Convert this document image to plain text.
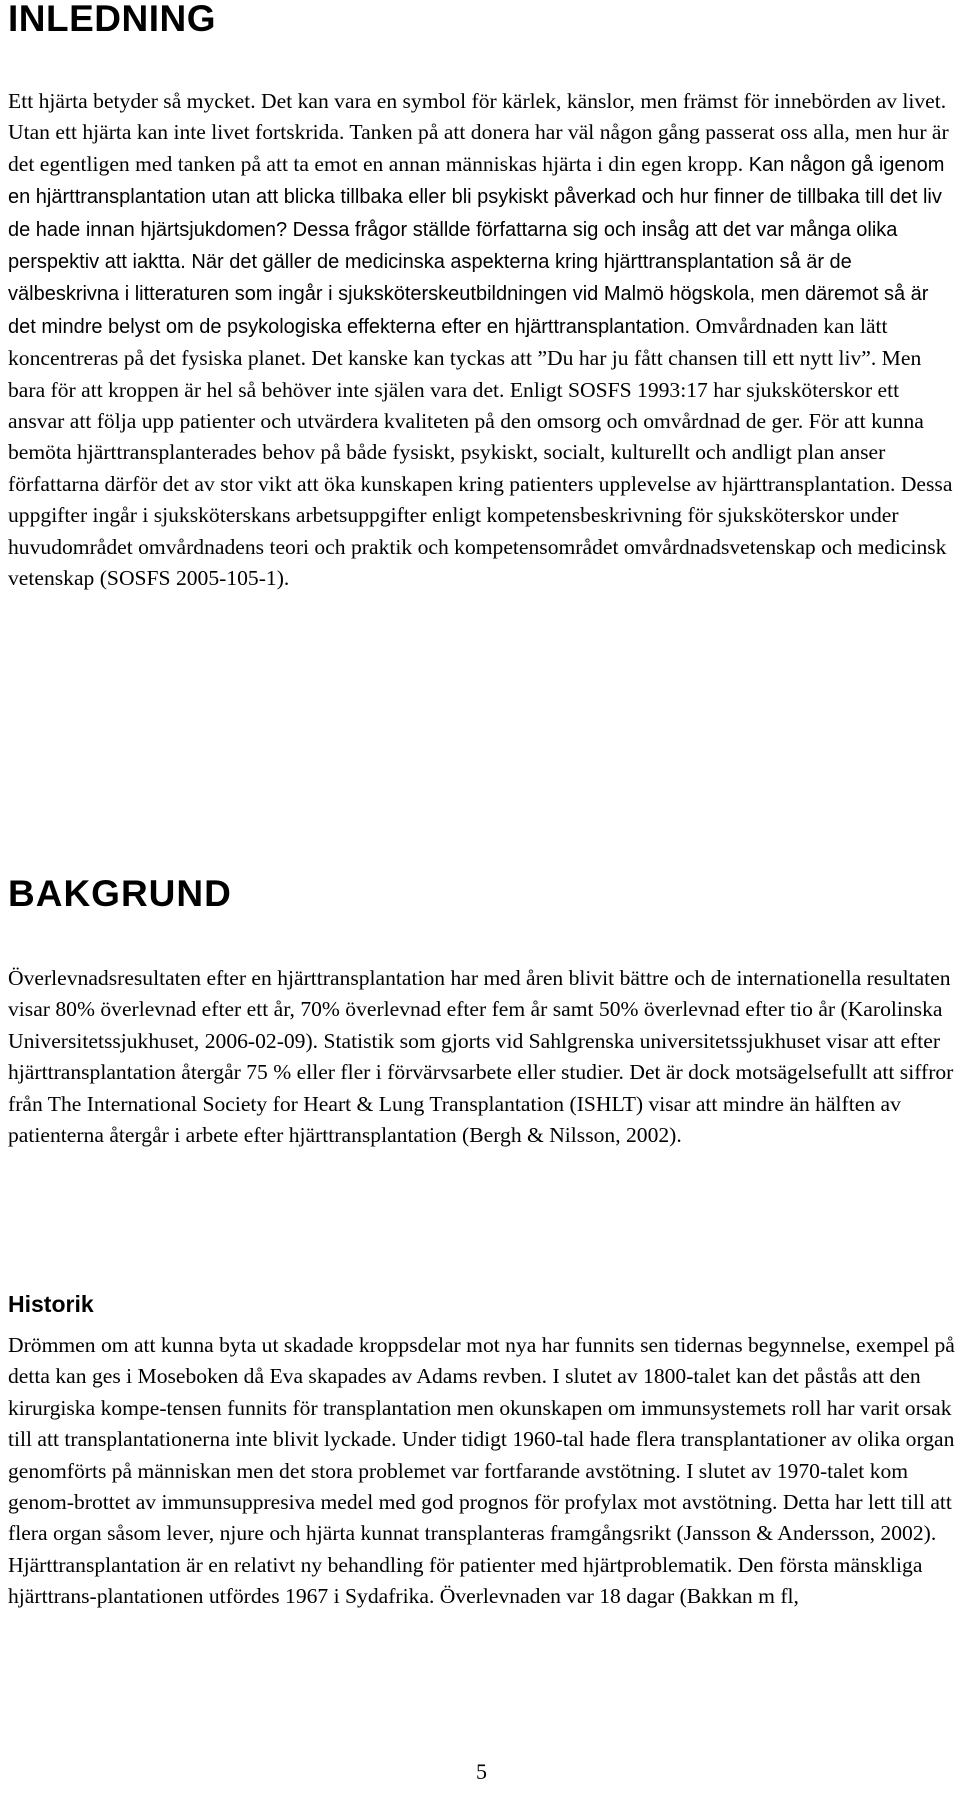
INLEDNING

Ett hjärta betyder så mycket. Det kan vara en symbol för kärlek, känslor, men främst för innebörden av livet. Utan ett hjärta kan inte livet fortskrida. Tanken på att donera har väl någon gång passerat oss alla, men hur är det egentligen med tanken på att ta emot en annan människas hjärta i din egen kropp. Kan någon gå igenom en hjärttransplantation utan att blicka tillbaka eller bli psykiskt påverkad och hur finner de tillbaka till det liv de hade innan hjärtsjukdomen? Dessa frågor ställde författarna sig och insåg att det var många olika perspektiv att iaktta. När det gäller de medicinska aspekterna kring hjärttransplantation så är de välbeskrivna i litteraturen som ingår i sjuksköterskeutbildningen vid Malmö högskola, men däremot så är det mindre belyst om de psykologiska effekterna efter en hjärttransplantation. Omvårdnaden kan lätt koncentreras på det fysiska planet. Det kanske kan tyckas att ”Du har ju fått chansen till ett nytt liv”. Men bara för att kroppen är hel så behöver inte själen vara det. Enligt SOSFS 1993:17 har sjuksköterskor ett ansvar att följa upp patienter och utvärdera kvaliteten på den omsorg och omvårdnad de ger. För att kunna bemöta hjärttransplanterades behov på både fysiskt, psykiskt, socialt, kulturellt och andligt plan anser författarna därför det av stor vikt att öka kunskapen kring patienters upplevelse av hjärttransplantation. Dessa uppgifter ingår i sjuksköterskans arbetsuppgifter enligt kompetensbeskrivning för sjuksköterskor under huvudområdet omvårdnadens teori och praktik och kompetensområdet omvårdnadsvetenskap och medicinsk vetenskap (SOSFS 2005-105-1).

BAKGRUND

Överlevnadsresultaten efter en hjärttransplantation har med åren blivit bättre och de internationella resultaten visar 80% överlevnad efter ett år, 70% överlevnad efter fem år samt 50% överlevnad efter tio år (Karolinska Universitetssjukhuset, 2006-02-09). Statistik som gjorts vid Sahlgrenska universitetssjukhuset visar att efter hjärttransplantation återgår 75 % eller fler i förvärvsarbete eller studier. Det är dock motsägelsefullt att siffror från The International Society for Heart & Lung Transplantation (ISHLT) visar att mindre än hälften av patienterna återgår i arbete efter hjärttransplantation (Bergh & Nilsson, 2002).

Historik

Drömmen om att kunna byta ut skadade kroppsdelar mot nya har funnits sen tidernas begynnelse, exempel på detta kan ges i Moseboken då Eva skapades av Adams revben. I slutet av 1800-talet kan det påstås att den kirurgiska kompe-tensen funnits för transplantation men okunskapen om immunsystemets roll har varit orsak till att transplantationerna inte blivit lyckade. Under tidigt 1960-tal hade flera transplantationer av olika organ genomförts på människan men det stora problemet var fortfarande avstötning. I slutet av 1970-talet kom genom-brottet av immunsuppresiva medel med god prognos för profylax mot avstötning. Detta har lett till att flera organ såsom lever, njure och hjärta kunnat transplanteras framgångsrikt (Jansson & Andersson, 2002). Hjärttransplantation är en relativt ny behandling för patienter med hjärtproblematik. Den första mänskliga hjärttrans-plantationen utfördes 1967 i Sydafrika. Överlevnaden var 18 dagar (Bakkan m fl,

5
